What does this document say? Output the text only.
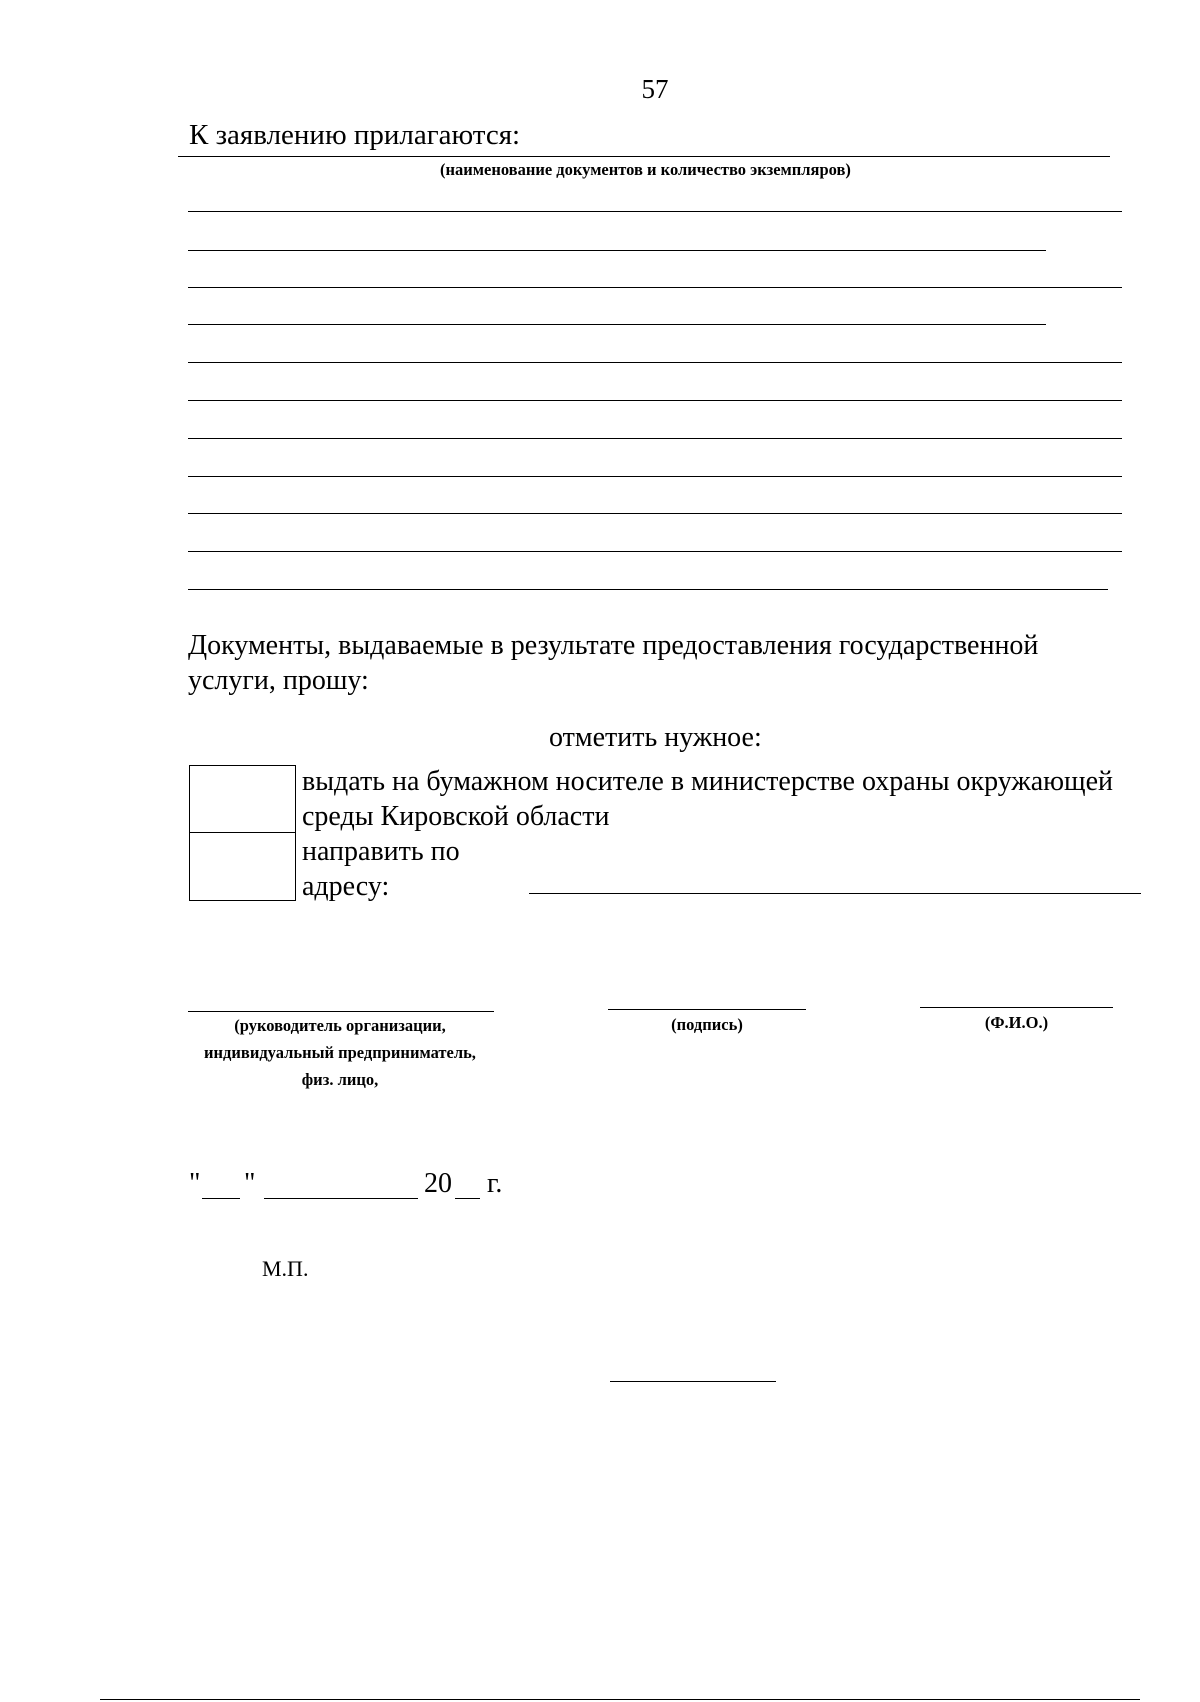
57
К заявлению прилагаются:
(наименование документов и количество экземпляров)
Документы, выдаваемые в результате предоставления государственной услуги, прошу:
отметить нужное:
выдать на бумажном носителе в министерстве охраны окружающей среды Кировской области
направить по адресу:
(руководитель организации, индивидуальный предприниматель, физ. лицо,
(подпись)	(Ф.И.О.)
" "	20 г.
М.П.
